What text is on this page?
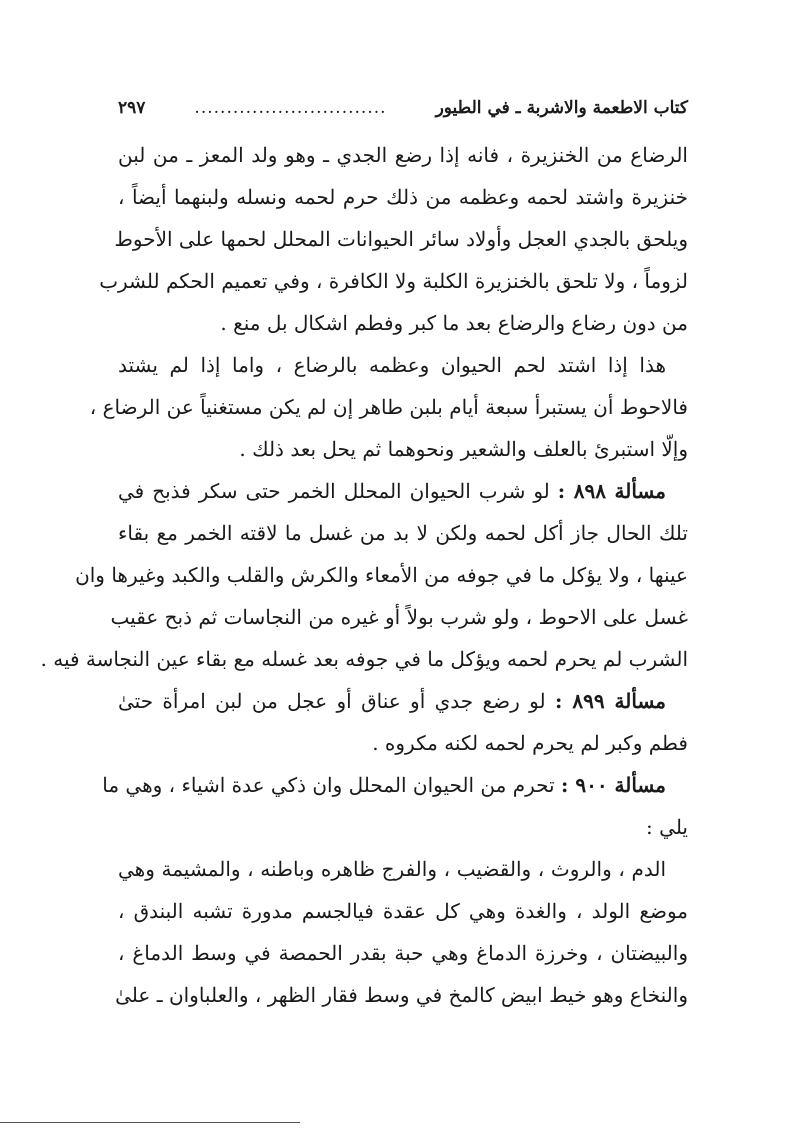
كتاب الاطعمة والاشربة ـ في الطيور
..............................
٢٩٧
الرضاع من الخنزيرة ، فانه إذا رضع الجدي ـ وهو ولد المعز ـ من لبن
خنزيرة واشتد لحمه وعظمه من ذلك حرم لحمه ونسله ولبنهما أيضاً ،
ويلحق بالجدي العجل وأولاد سائر الحيوانات المحلل لحمها على الأحوط
لزوماً ، ولا تلحق بالخنزيرة الكلبة ولا الكافرة ، وفي تعميم الحكم للشرب
من دون رضاع والرضاع بعد ما كبر وفطم اشكال بل منع .
هذا إذا اشتد لحم الحيوان وعظمه بالرضاع ، واما إذا لم يشتد
فالاحوط أن يستبرأ سبعة أيام بلبن طاهر إن لم يكن مستغنياً عن الرضاع ،
وإلّا استبرئ بالعلف والشعير ونحوهما ثم يحل بعد ذلك .
مسألة ٨٩٨ : لو شرب الحيوان المحلل الخمر حتى سكر فذبح في
تلك الحال جاز أكل لحمه ولكن لا بد من غسل ما لاقته الخمر مع بقاء
عينها ، ولا يؤكل ما في جوفه من الأمعاء والكرش والقلب والكبد وغيرها وان
غسل على الاحوط ، ولو شرب بولاً أو غيره من النجاسات ثم ذبح عقيب
الشرب لم يحرم لحمه ويؤكل ما في جوفه بعد غسله مع بقاء عين النجاسة فيه .
مسألة ٨٩٩ : لو رضع جدي أو عناق أو عجل من لبن امرأة حتىٰ
فطم وكبر لم يحرم لحمه لكنه مكروه .
مسألة ٩٠٠ : تحرم من الحيوان المحلل وان ذكي عدة اشياء ، وهي ما
يلي :
الدم ، والروث ، والقضيب ، والفرج ظاهره وباطنه ، والمشيمة وهي
موضع الولد ، والغدة وهي كل عقدة فيالجسم مدورة تشبه البندق ،
والبيضتان ، وخرزة الدماغ وهي حبة بقدر الحمصة في وسط الدماغ ،
والنخاع وهو خيط ابيض كالمخ في وسط فقار الظهر ، والعلباوان ـ علىٰ
